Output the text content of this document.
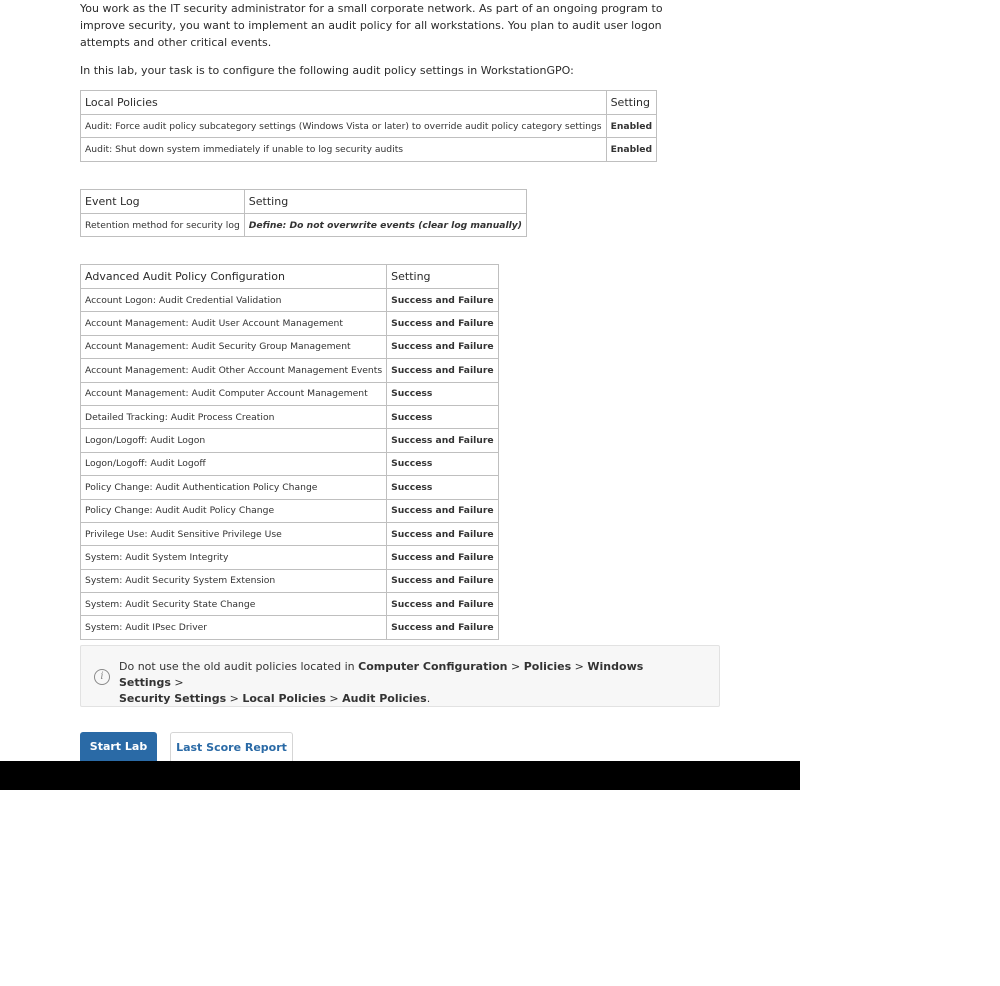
You work as the IT security administrator for a small corporate network. As part of an ongoing program to improve security, you want to implement an audit policy for all workstations. You plan to audit user logon attempts and other critical events.

In this lab, your task is to configure the following audit policy settings in WorkstationGPO:

Local Policies	Setting
Audit: Force audit policy subcategory settings (Windows Vista or later) to override audit policy category settings	Enabled
Audit: Shut down system immediately if unable to log security audits	Enabled
Event Log	Setting
Retention method for security log	Define: Do not overwrite events (clear log manually)
Advanced Audit Policy Configuration	Setting
Account Logon: Audit Credential Validation	Success and Failure
Account Management: Audit User Account Management	Success and Failure
Account Management: Audit Security Group Management	Success and Failure
Account Management: Audit Other Account Management Events	Success and Failure
Account Management: Audit Computer Account Management	Success
Detailed Tracking: Audit Process Creation	Success
Logon/Logoff: Audit Logon	Success and Failure
Logon/Logoff: Audit Logoff	Success
Policy Change: Audit Authentication Policy Change	Success
Policy Change: Audit Audit Policy Change	Success and Failure
Privilege Use: Audit Sensitive Privilege Use	Success and Failure
System: Audit System Integrity	Success and Failure
System: Audit Security System Extension	Success and Failure
System: Audit Security State Change	Success and Failure
System: Audit IPsec Driver	Success and Failure
i
Do not use the old audit policies located in Computer Configuration > Policies > Windows Settings >
Security Settings > Local Policies > Audit Policies.
Start Lab	Last Score Report
